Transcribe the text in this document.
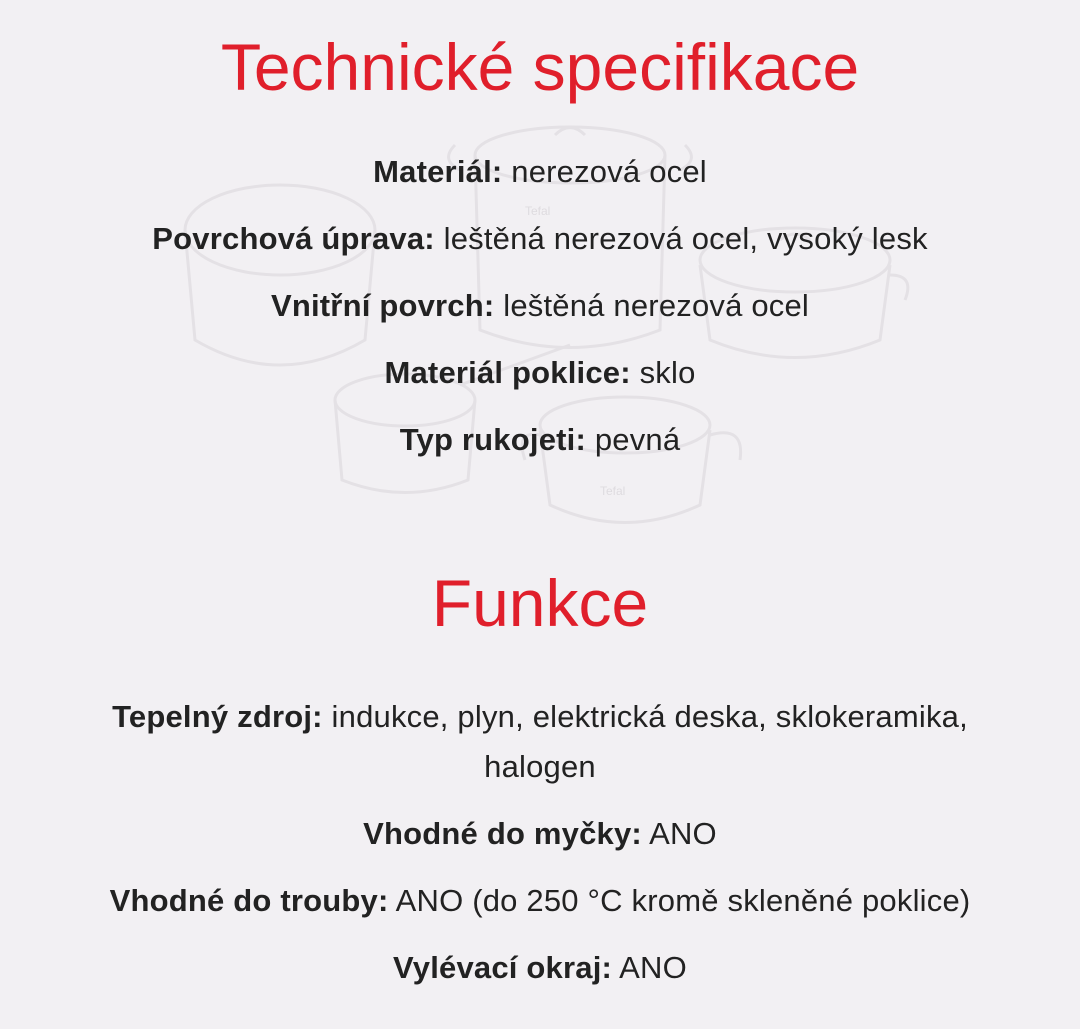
Tefal
Tefal
Technické specifikace

Materiál: nerezová ocel

Povrchová úprava: leštěná nerezová ocel, vysoký lesk

Vnitřní povrch: leštěná nerezová ocel

Materiál poklice: sklo

Typ rukojeti: pevná

Funkce

Tepelný zdroj: indukce, plyn, elektrická deska, sklokeramika, halogen

Vhodné do myčky: ANO

Vhodné do trouby: ANO (do 250 °C kromě skleněné poklice)

Vylévací okraj: ANO
